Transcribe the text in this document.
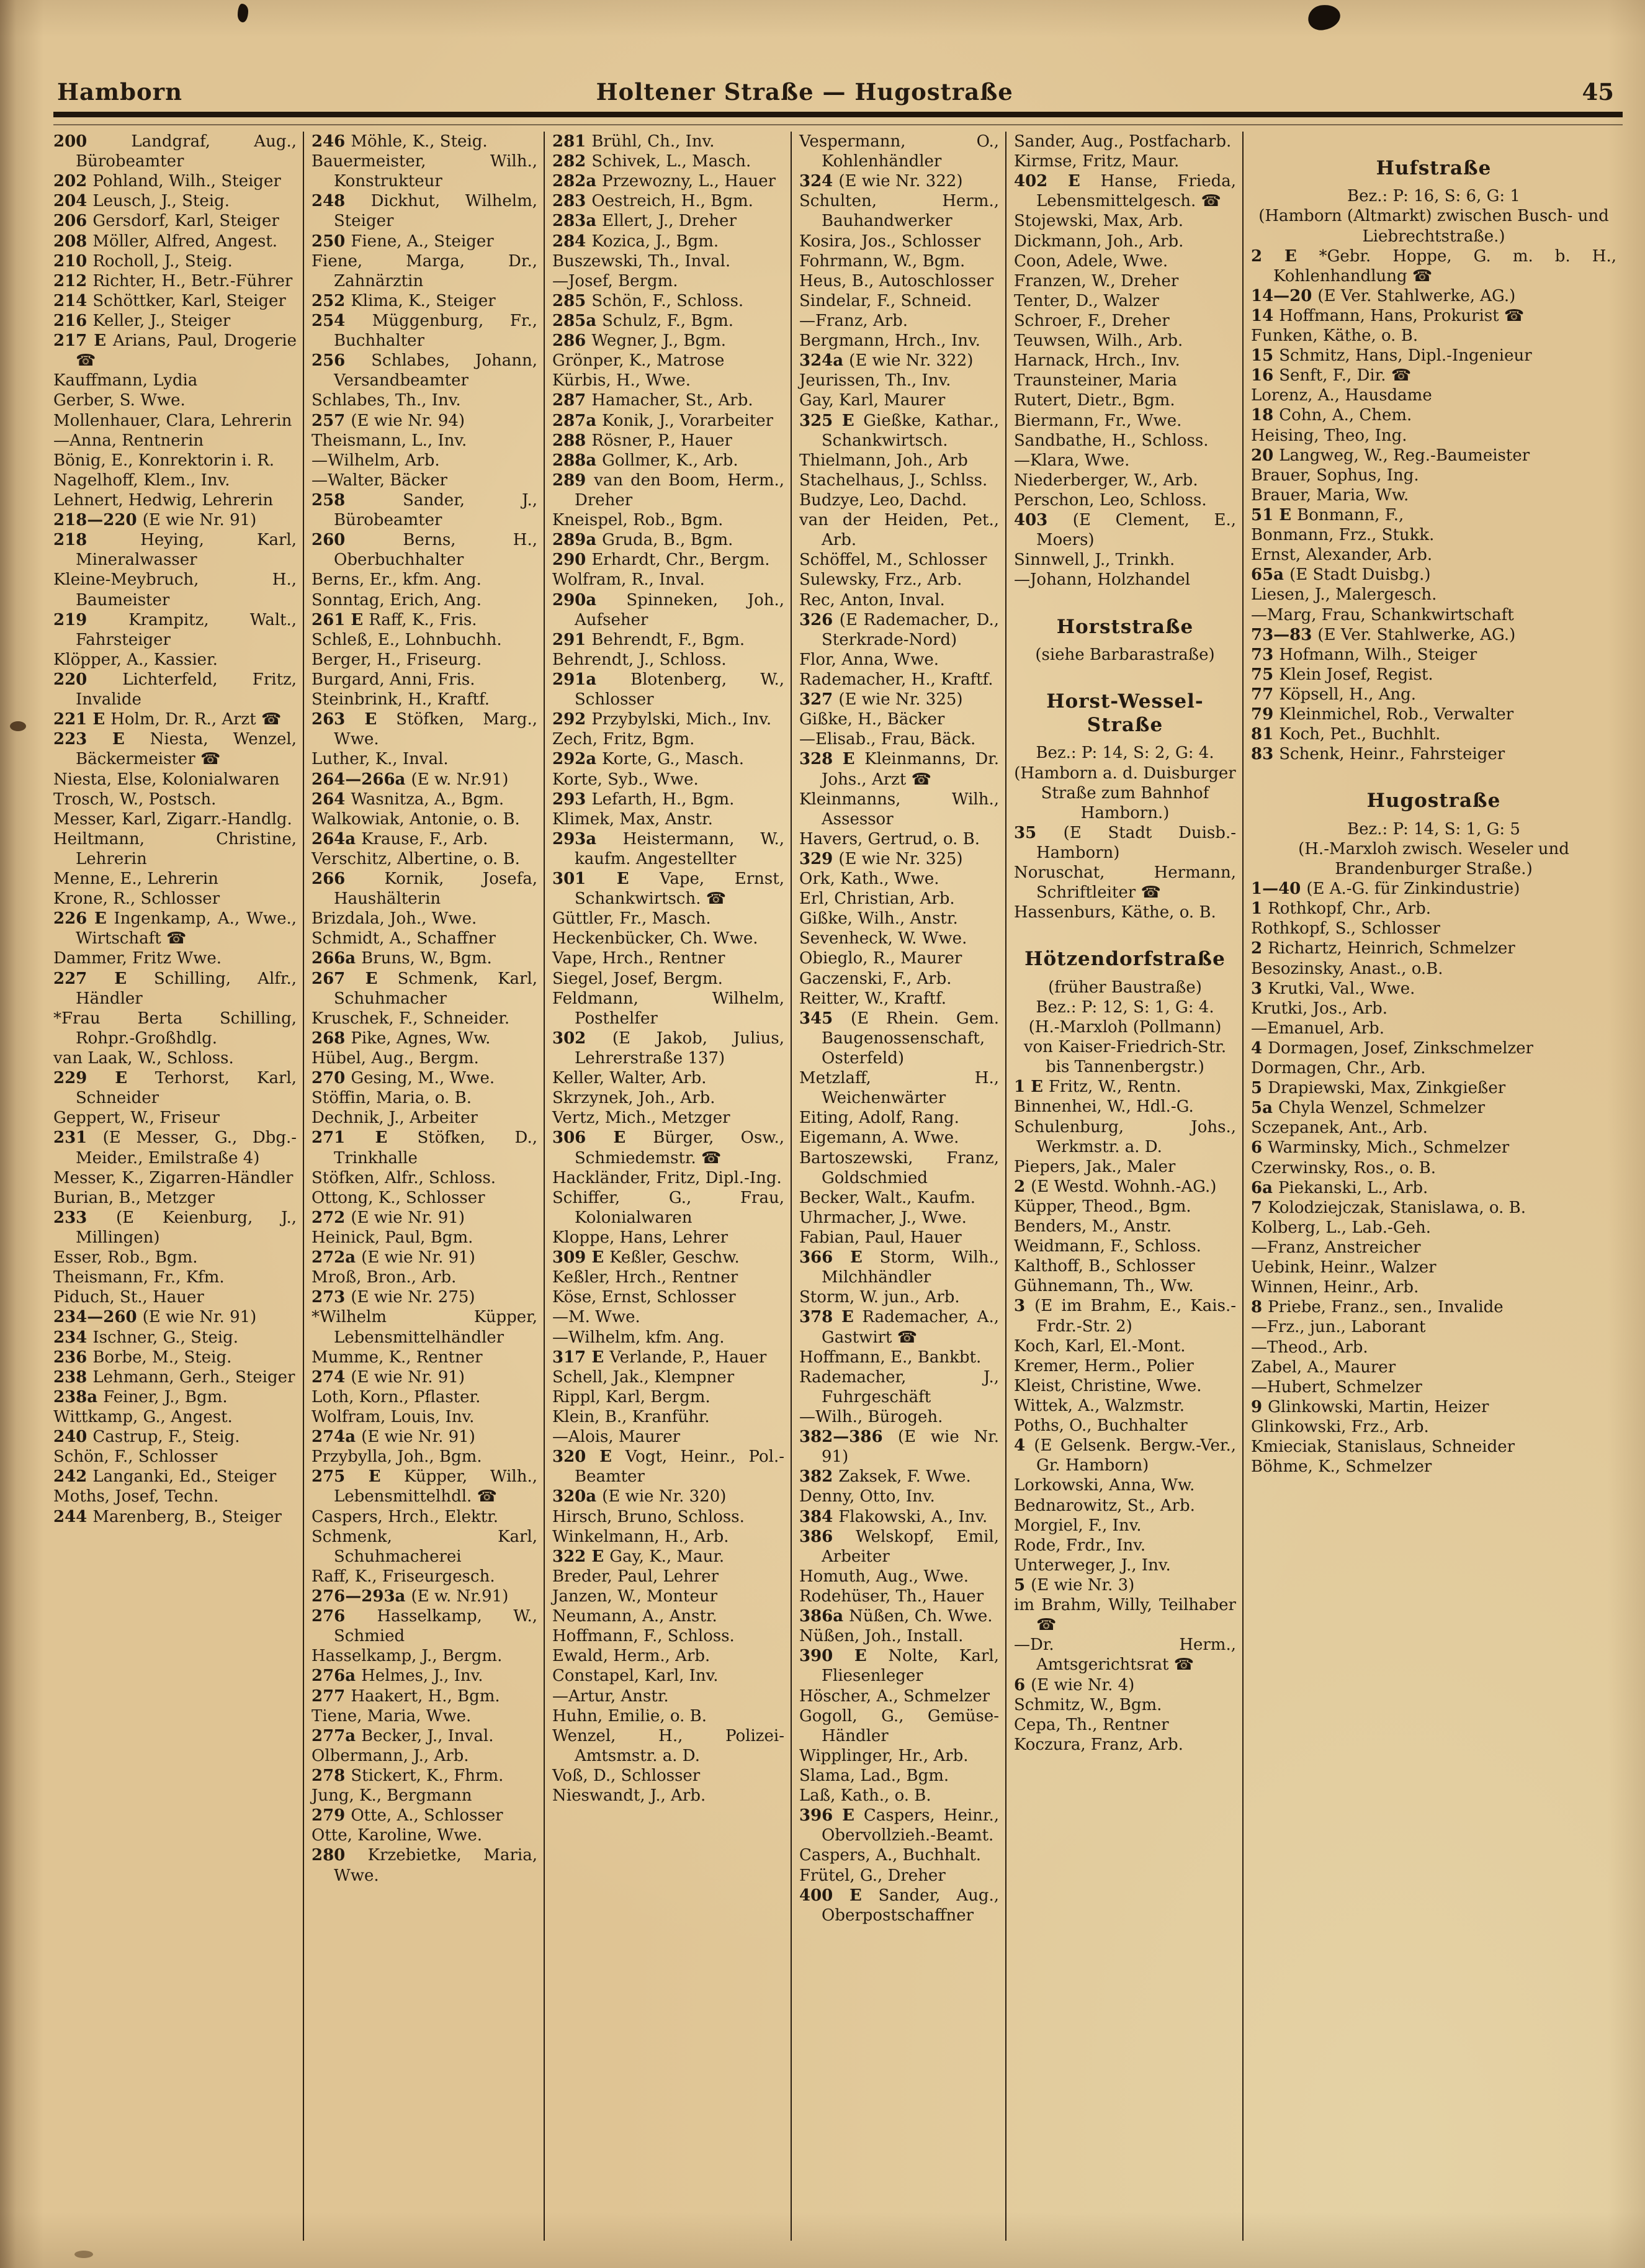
Hamborn	Holtener Straße — Hugostraße	45

200 Landgraf, Aug., Bürobeamter

202 Pohland, Wilh., Steiger

204 Leusch, J., Steig.

206 Gersdorf, Karl, Steiger

208 Möller, Alfred, Angest.

210 Rocholl, J., Steig.

212 Richter, H., Betr.-Führer

214 Schöttker, Karl, Steiger

216 Keller, J., Steiger

217 E Arians, Paul, Drogerie ☎

Kauffmann, Lydia

Gerber, S. Wwe.

Mollenhauer, Clara, Lehrerin

—Anna, Rentnerin

Bönig, E., Konrektorin i. R.

Nagelhoff, Klem., Inv.

Lehnert, Hedwig, Lehrerin

218—220 (E wie Nr. 91)

218 Heying, Karl, Mineralwasser

Kleine-Meybruch, H., Baumeister

219 Krampitz, Walt., Fahrsteiger

Klöpper, A., Kassier.

220 Lichterfeld, Fritz, Invalide

221 E Holm, Dr. R., Arzt ☎

223 E Niesta, Wenzel, Bäckermeister ☎

Niesta, Else, Kolonialwaren

Trosch, W., Postsch.

Messer, Karl, Zigarr.-Handlg.

Heiltmann, Christine, Lehrerin

Menne, E., Lehrerin

Krone, R., Schlosser

226 E Ingenkamp, A., Wwe., Wirtschaft ☎

Dammer, Fritz Wwe.

227 E Schilling, Alfr., Händler

*Frau Berta Schilling, Rohpr.-Großhdlg.

van Laak, W., Schloss.

229 E Terhorst, Karl, Schneider

Geppert, W., Friseur

231 (E Messer, G., Dbg.-Meider., Emilstraße 4)

Messer, K., Zigarren-Händler

Burian, B., Metzger

233 (E Keienburg, J., Millingen)

Esser, Rob., Bgm.

Theismann, Fr., Kfm.

Piduch, St., Hauer

234—260 (E wie Nr. 91)

234 Ischner, G., Steig.

236 Borbe, M., Steig.

238 Lehmann, Gerh., Steiger

238a Feiner, J., Bgm.

Wittkamp, G., Angest.

240 Castrup, F., Steig.

Schön, F., Schlosser

242 Langanki, Ed., Steiger

Moths, Josef, Techn.

244 Marenberg, B., Steiger

246 Möhle, K., Steig.

Bauermeister, Wilh., Konstrukteur

248 Dickhut, Wilhelm, Steiger

250 Fiene, A., Steiger

Fiene, Marga, Dr., Zahnärztin

252 Klima, K., Steiger

254 Müggenburg, Fr., Buchhalter

256 Schlabes, Johann, Versandbeamter

Schlabes, Th., Inv.

257 (E wie Nr. 94)

Theismann, L., Inv.

—Wilhelm, Arb.

—Walter, Bäcker

258 Sander, J., Bürobeamter

260 Berns, H., Oberbuchhalter

Berns, Er., kfm. Ang.

Sonntag, Erich, Ang.

261 E Raff, K., Fris.

Schleß, E., Lohnbuchh.

Berger, H., Friseurg.

Burgard, Anni, Fris.

Steinbrink, H., Kraftf.

263 E Stöfken, Marg., Wwe.

Luther, K., Inval.

264—266a (E w. Nr.91)

264 Wasnitza, A., Bgm.

Walkowiak, Antonie, o. B.

264a Krause, F., Arb.

Verschitz, Albertine, o. B.

266 Kornik, Josefa, Haushälterin

Brizdala, Joh., Wwe.

Schmidt, A., Schaffner

266a Bruns, W., Bgm.

267 E Schmenk, Karl, Schuhmacher

Kruschek, F., Schneider.

268 Pike, Agnes, Ww.

Hübel, Aug., Bergm.

270 Gesing, M., Wwe.

Stöffin, Maria, o. B.

Dechnik, J., Arbeiter

271 E Stöfken, D., Trinkhalle

Stöfken, Alfr., Schloss.

Ottong, K., Schlosser

272 (E wie Nr. 91)

Heinick, Paul, Bgm.

272a (E wie Nr. 91)

Mroß, Bron., Arb.

273 (E wie Nr. 275)

*Wilhelm Küpper, Lebensmittelhändler

Mumme, K., Rentner

274 (E wie Nr. 91)

Loth, Korn., Pflaster.

Wolfram, Louis, Inv.

274a (E wie Nr. 91)

Przybylla, Joh., Bgm.

275 E Küpper, Wilh., Lebensmittelhdl. ☎

Caspers, Hrch., Elektr.

Schmenk, Karl, Schuhmacherei

Raff, K., Friseurgesch.

276—293a (E w. Nr.91)

276 Hasselkamp, W., Schmied

Hasselkamp, J., Bergm.

276a Helmes, J., Inv.

277 Haakert, H., Bgm.

Tiene, Maria, Wwe.

277a Becker, J., Inval.

Olbermann, J., Arb.

278 Stickert, K., Fhrm.

Jung, K., Bergmann

279 Otte, A., Schlosser

Otte, Karoline, Wwe.

280 Krzebietke, Maria, Wwe.

281 Brühl, Ch., Inv.

282 Schivek, L., Masch.

282a Przewozny, L., Hauer

283 Oestreich, H., Bgm.

283a Ellert, J., Dreher

284 Kozica, J., Bgm.

Buszewski, Th., Inval.

—Josef, Bergm.

285 Schön, F., Schloss.

285a Schulz, F., Bgm.

286 Wegner, J., Bgm.

Grönper, K., Matrose

Kürbis, H., Wwe.

287 Hamacher, St., Arb.

287a Konik, J., Vorarbeiter

288 Rösner, P., Hauer

288a Gollmer, K., Arb.

289 van den Boom, Herm., Dreher

Kneispel, Rob., Bgm.

289a Gruda, B., Bgm.

290 Erhardt, Chr., Bergm.

Wolfram, R., Inval.

290a Spinneken, Joh., Aufseher

291 Behrendt, F., Bgm.

Behrendt, J., Schloss.

291a Blotenberg, W., Schlosser

292 Przybylski, Mich., Inv.

Zech, Fritz, Bgm.

292a Korte, G., Masch.

Korte, Syb., Wwe.

293 Lefarth, H., Bgm.

Klimek, Max, Anstr.

293a Heistermann, W., kaufm. Angestellter

301 E Vape, Ernst, Schankwirtsch. ☎

Güttler, Fr., Masch.

Heckenbücker, Ch. Wwe.

Vape, Hrch., Rentner

Siegel, Josef, Bergm.

Feldmann, Wilhelm, Posthelfer

302 (E Jakob, Julius, Lehrerstraße 137)

Keller, Walter, Arb.

Skrzynek, Joh., Arb.

Vertz, Mich., Metzger

306 E Bürger, Osw., Schmiedemstr. ☎

Hackländer, Fritz, Dipl.-Ing.

Schiffer, G., Frau, Kolonialwaren

Kloppe, Hans, Lehrer

309 E Keßler, Geschw.

Keßler, Hrch., Rentner

Köse, Ernst, Schlosser

—M. Wwe.

—Wilhelm, kfm. Ang.

317 E Verlande, P., Hauer

Schell, Jak., Klempner

Rippl, Karl, Bergm.

Klein, B., Kranführ.

—Alois, Maurer

320 E Vogt, Heinr., Pol.-Beamter

320a (E wie Nr. 320)

Hirsch, Bruno, Schloss.

Winkelmann, H., Arb.

322 E Gay, K., Maur.

Breder, Paul, Lehrer

Janzen, W., Monteur

Neumann, A., Anstr.

Hoffmann, F., Schloss.

Ewald, Herm., Arb.

Constapel, Karl, Inv.

—Artur, Anstr.

Huhn, Emilie, o. B.

Wenzel, H., Polizei-Amtsmstr. a. D.

Voß, D., Schlosser

Nieswandt, J., Arb.

Vespermann, O., Kohlenhändler

324 (E wie Nr. 322)

Schulten, Herm., Bauhandwerker

Kosira, Jos., Schlosser

Fohrmann, W., Bgm.

Heus, B., Autoschlosser

Sindelar, F., Schneid.

—Franz, Arb.

Bergmann, Hrch., Inv.

324a (E wie Nr. 322)

Jeurissen, Th., Inv.

Gay, Karl, Maurer

325 E Gießke, Kathar., Schankwirtsch.

Thielmann, Joh., Arb

Stachelhaus, J., Schlss.

Budzye, Leo, Dachd.

van der Heiden, Pet., Arb.

Schöffel, M., Schlosser

Sulewsky, Frz., Arb.

Rec, Anton, Inval.

326 (E Rademacher, D., Sterkrade-Nord)

Flor, Anna, Wwe.

Rademacher, H., Kraftf.

327 (E wie Nr. 325)

Gißke, H., Bäcker

—Elisab., Frau, Bäck.

328 E Kleinmanns, Dr. Johs., Arzt ☎

Kleinmanns, Wilh., Assessor

Havers, Gertrud, o. B.

329 (E wie Nr. 325)

Ork, Kath., Wwe.

Erl, Christian, Arb.

Gißke, Wilh., Anstr.

Sevenheck, W. Wwe.

Obieglo, R., Maurer

Gaczenski, F., Arb.

Reitter, W., Kraftf.

345 (E Rhein. Gem. Baugenossenschaft, Osterfeld)

Metzlaff, H., Weichenwärter

Eiting, Adolf, Rang.

Eigemann, A. Wwe.

Bartoszewski, Franz, Goldschmied

Becker, Walt., Kaufm.

Uhrmacher, J., Wwe.

Fabian, Paul, Hauer

366 E Storm, Wilh., Milchhändler

Storm, W. jun., Arb.

378 E Rademacher, A., Gastwirt ☎

Hoffmann, E., Bankbt.

Rademacher, J., Fuhrgeschäft

—Wilh., Bürogeh.

382—386 (E wie Nr. 91)

382 Zaksek, F. Wwe.

Denny, Otto, Inv.

384 Flakowski, A., Inv.

386 Welskopf, Emil, Arbeiter

Homuth, Aug., Wwe.

Rodehüser, Th., Hauer

386a Nüßen, Ch. Wwe.

Nüßen, Joh., Install.

390 E Nolte, Karl, Fliesenleger

Höscher, A., Schmelzer

Gogoll, G., Gemüse-Händler

Wipplinger, Hr., Arb.

Slama, Lad., Bgm.

Laß, Kath., o. B.

396 E Caspers, Heinr., Obervollzieh.-Beamt.

Caspers, A., Buchhalt.

Frütel, G., Dreher

400 E Sander, Aug., Oberpostschaffner

Sander, Aug., Postfacharb.

Kirmse, Fritz, Maur.

402 E Hanse, Frieda, Lebensmittelgesch. ☎

Stojewski, Max, Arb.

Dickmann, Joh., Arb.

Coon, Adele, Wwe.

Franzen, W., Dreher

Tenter, D., Walzer

Schroer, F., Dreher

Teuwsen, Wilh., Arb.

Harnack, Hrch., Inv.

Traunsteiner, Maria

Rutert, Dietr., Bgm.

Biermann, Fr., Wwe.

Sandbathe, H., Schloss.

—Klara, Wwe.

Niederberger, W., Arb.

Perschon, Leo, Schloss.

403 (E Clement, E., Moers)

Sinnwell, J., Trinkh.

—Johann, Holzhandel

Horststraße

(siehe Barbarastraße)

Horst-Wessel-Straße

Bez.: P: 14, S: 2, G: 4.

(Hamborn a. d. Duisburger Straße zum Bahnhof Hamborn.)

35 (E Stadt Duisb.-Hamborn)

Noruschat, Hermann, Schriftleiter ☎

Hassenburs, Käthe, o. B.

Hötzendorfstraße

(früher Baustraße)

Bez.: P: 12, S: 1, G: 4.

(H.-Marxloh (Pollmann) von Kaiser-Friedrich-Str. bis Tannenbergstr.)

1 E Fritz, W., Rentn.

Binnenhei, W., Hdl.-G.

Schulenburg, Johs., Werkmstr. a. D.

Piepers, Jak., Maler

2 (E Westd. Wohnh.-AG.)

Küpper, Theod., Bgm.

Benders, M., Anstr.

Weidmann, F., Schloss.

Kalthoff, B., Schlosser

Gühnemann, Th., Ww.

3 (E im Brahm, E., Kais.-Frdr.-Str. 2)

Koch, Karl, El.-Mont.

Kremer, Herm., Polier

Kleist, Christine, Wwe.

Wittek, A., Walzmstr.

Poths, O., Buchhalter

4 (E Gelsenk. Bergw.-Ver., Gr. Hamborn)

Lorkowski, Anna, Ww.

Bednarowitz, St., Arb.

Morgiel, F., Inv.

Rode, Frdr., Inv.

Unterweger, J., Inv.

5 (E wie Nr. 3)

im Brahm, Willy, Teilhaber ☎

—Dr. Herm., Amtsgerichtsrat ☎

6 (E wie Nr. 4)

Schmitz, W., Bgm.

Cepa, Th., Rentner

Koczura, Franz, Arb.

Hufstraße

Bez.: P: 16, S: 6, G: 1

(Hamborn (Altmarkt) zwischen Busch- und Liebrechtstraße.)

2 E *Gebr. Hoppe, G. m. b. H., Kohlenhandlung ☎

14—20 (E Ver. Stahlwerke, AG.)

14 Hoffmann, Hans, Prokurist ☎

Funken, Käthe, o. B.

15 Schmitz, Hans, Dipl.-Ingenieur

16 Senft, F., Dir. ☎

Lorenz, A., Hausdame

18 Cohn, A., Chem.

Heising, Theo, Ing.

20 Langweg, W., Reg.-Baumeister

Brauer, Sophus, Ing.

Brauer, Maria, Ww.

51 E Bonmann, F.,

Bonmann, Frz., Stukk.

Ernst, Alexander, Arb.

65a (E Stadt Duisbg.)

Liesen, J., Malergesch.

—Marg, Frau, Schankwirtschaft

73—83 (E Ver. Stahlwerke, AG.)

73 Hofmann, Wilh., Steiger

75 Klein Josef, Regist.

77 Köpsell, H., Ang.

79 Kleinmichel, Rob., Verwalter

81 Koch, Pet., Buchhlt.

83 Schenk, Heinr., Fahrsteiger

Hugostraße

Bez.: P: 14, S: 1, G: 5

(H.-Marxloh zwisch. Weseler und Brandenburger Straße.)

1—40 (E A.-G. für Zinkindustrie)

1 Rothkopf, Chr., Arb.

Rothkopf, S., Schlosser

2 Richartz, Heinrich, Schmelzer

Besozinsky, Anast., o.B.

3 Krutki, Val., Wwe.

Krutki, Jos., Arb.

—Emanuel, Arb.

4 Dormagen, Josef, Zinkschmelzer

Dormagen, Chr., Arb.

5 Drapiewski, Max, Zinkgießer

5a Chyla Wenzel, Schmelzer

Sczepanek, Ant., Arb.

6 Warminsky, Mich., Schmelzer

Czerwinsky, Ros., o. B.

6a Piekanski, L., Arb.

7 Kolodziejczak, Stanislawa, o. B.

Kolberg, L., Lab.-Geh.

—Franz, Anstreicher

Uebink, Heinr., Walzer

Winnen, Heinr., Arb.

8 Priebe, Franz., sen., Invalide

—Frz., jun., Laborant

—Theod., Arb.

Zabel, A., Maurer

—Hubert, Schmelzer

9 Glinkowski, Martin, Heizer

Glinkowski, Frz., Arb.

Kmieciak, Stanislaus, Schneider

Böhme, K., Schmelzer
